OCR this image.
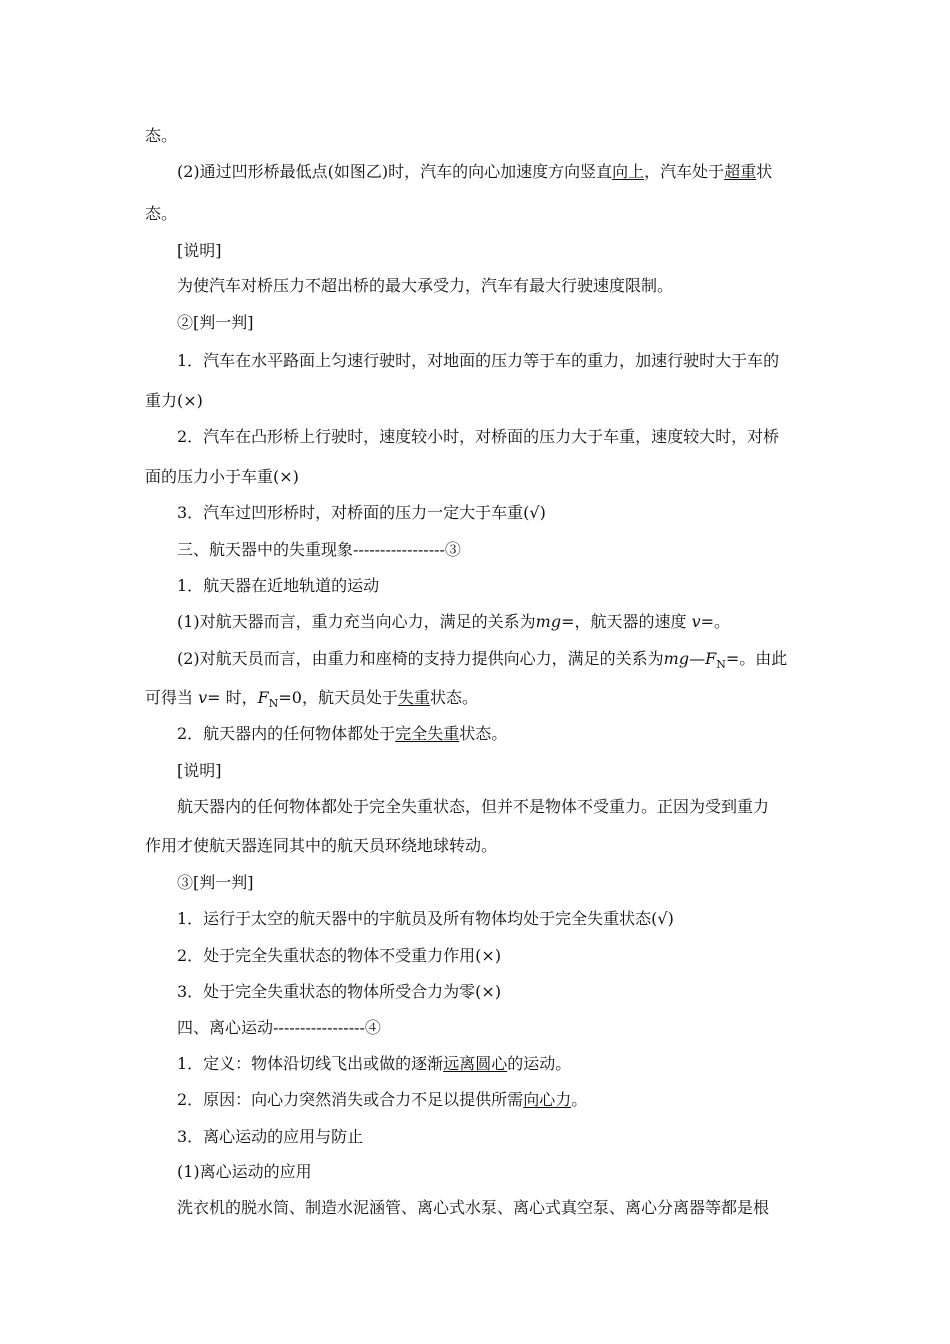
态。
(2)通过凹形桥最低点(如图乙)时，汽车的向心加速度方向竖直向上，汽车处于超重状
态。
[说明]
为使汽车对桥压力不超出桥的最大承受力，汽车有最大行驶速度限制。
②[判一判]
1．汽车在水平路面上匀速行驶时，对地面的压力等于车的重力，加速行驶时大于车的
重力(×)
2．汽车在凸形桥上行驶时，速度较小时，对桥面的压力大于车重，速度较大时，对桥
面的压力小于车重(×)
3．汽车过凹形桥时，对桥面的压力一定大于车重(√)
三、航天器中的失重现象-----------------③
1．航天器在近地轨道的运动
(1)对航天器而言，重力充当向心力，满足的关系为mg=，航天器的速度 v=。
(2)对航天员而言，由重力和座椅的支持力提供向心力，满足的关系为$mg—F_N=$。由此
可得当 v= 时，$F_N=0$，航天员处于失重状态。
2．航天器内的任何物体都处于完全失重状态。
[说明]
航天器内的任何物体都处于完全失重状态，但并不是物体不受重力。正因为受到重力
作用才使航天器连同其中的航天员环绕地球转动。
③[判一判]
1．运行于太空的航天器中的宇航员及所有物体均处于完全失重状态(√)
2．处于完全失重状态的物体不受重力作用(×)
3．处于完全失重状态的物体所受合力为零(×)
四、离心运动-----------------④
1．定义：物体沿切线飞出或做的逐渐远离圆心的运动。
2．原因：向心力突然消失或合力不足以提供所需向心力。
3．离心运动的应用与防止
(1)离心运动的应用
洗衣机的脱水筒、制造水泥涵管、离心式水泵、离心式真空泵、离心分离器等都是根
